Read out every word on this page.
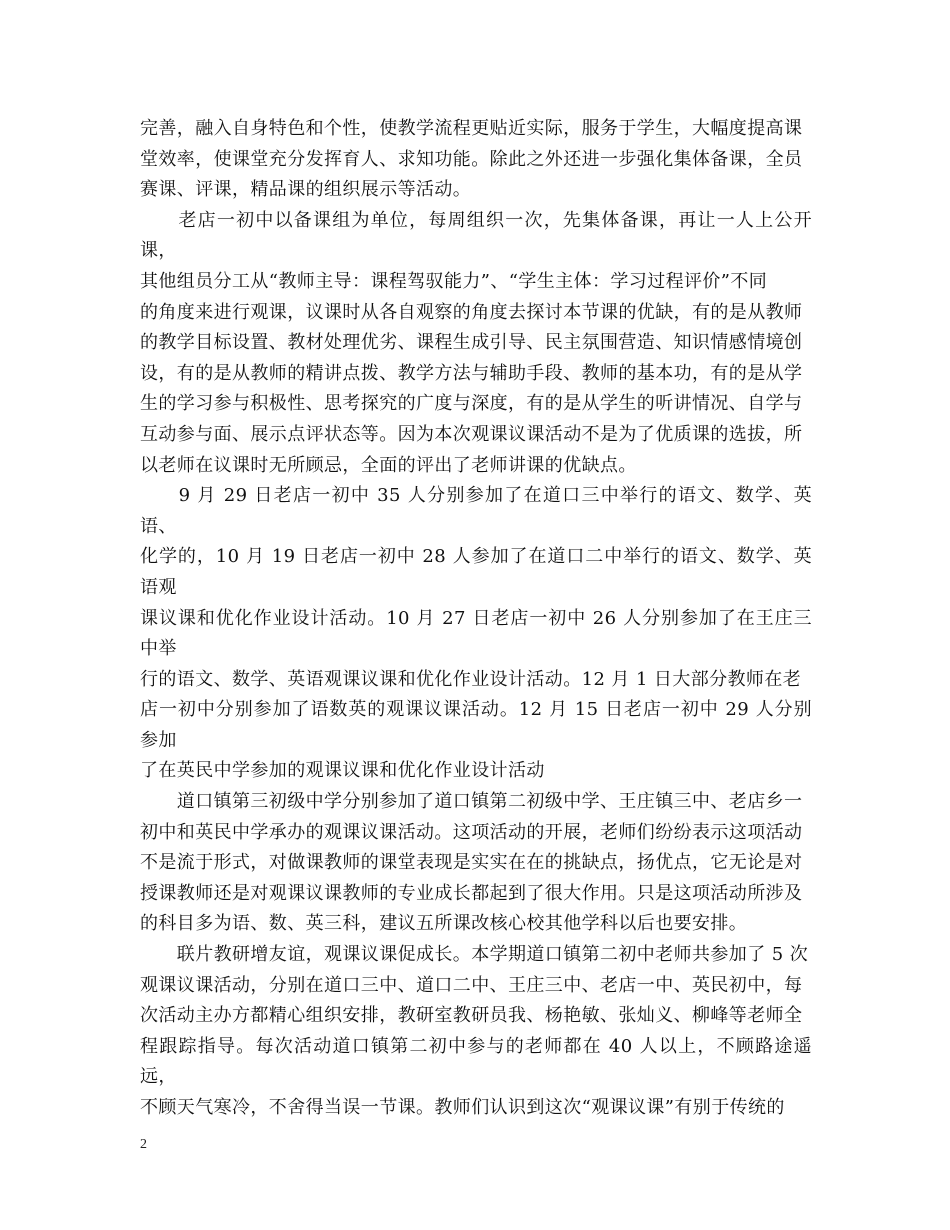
完善，融入自身特色和个性，使教学流程更贴近实际，服务于学生，大幅度提高课
堂效率，使课堂充分发挥育人、求知功能。除此之外还进一步强化集体备课，全员
赛课、评课，精品课的组织展示等活动。
　　老店一初中以备课组为单位，每周组织一次，先集体备课，再让一人上公开课，
其他组员分工从“教师主导：课程驾驭能力”、“学生主体：学习过程评价”不同
的角度来进行观课，议课时从各自观察的角度去探讨本节课的优缺，有的是从教师
的教学目标设置、教材处理优劣、课程生成引导、民主氛围营造、知识情感情境创
设，有的是从教师的精讲点拨、教学方法与辅助手段、教师的基本功，有的是从学
生的学习参与积极性、思考探究的广度与深度，有的是从学生的听讲情况、自学与
互动参与面、展示点评状态等。因为本次观课议课活动不是为了优质课的选拔，所
以老师在议课时无所顾忌，全面的评出了老师讲课的优缺点。
　　9 月 29 日老店一初中 35 人分别参加了在道口三中举行的语文、数学、英语、
化学的，10 月 19 日老店一初中 28 人参加了在道口二中举行的语文、数学、英语观
课议课和优化作业设计活动。10 月 27 日老店一初中 26 人分别参加了在王庄三中举
行的语文、数学、英语观课议课和优化作业设计活动。12 月 1 日大部分教师在老
店一初中分别参加了语数英的观课议课活动。12 月 15 日老店一初中 29 人分别参加
了在英民中学参加的观课议课和优化作业设计活动
　　道口镇第三初级中学分别参加了道口镇第二初级中学、王庄镇三中、老店乡一
初中和英民中学承办的观课议课活动。这项活动的开展，老师们纷纷表示这项活动
不是流于形式，对做课教师的课堂表现是实实在在的挑缺点，扬优点，它无论是对
授课教师还是对观课议课教师的专业成长都起到了很大作用。只是这项活动所涉及
的科目多为语、数、英三科，建议五所课改核心校其他学科以后也要安排。
　　联片教研增友谊，观课议课促成长。本学期道口镇第二初中老师共参加了 5 次
观课议课活动，分别在道口三中、道口二中、王庄三中、老店一中、英民初中，每
次活动主办方都精心组织安排，教研室教研员我、杨艳敏、张灿义、柳峰等老师全
程跟踪指导。每次活动道口镇第二初中参与的老师都在 40 人以上，不顾路途遥远，
不顾天气寒冷，不舍得当误一节课。教师们认识到这次“观课议课”有别于传统的
2
